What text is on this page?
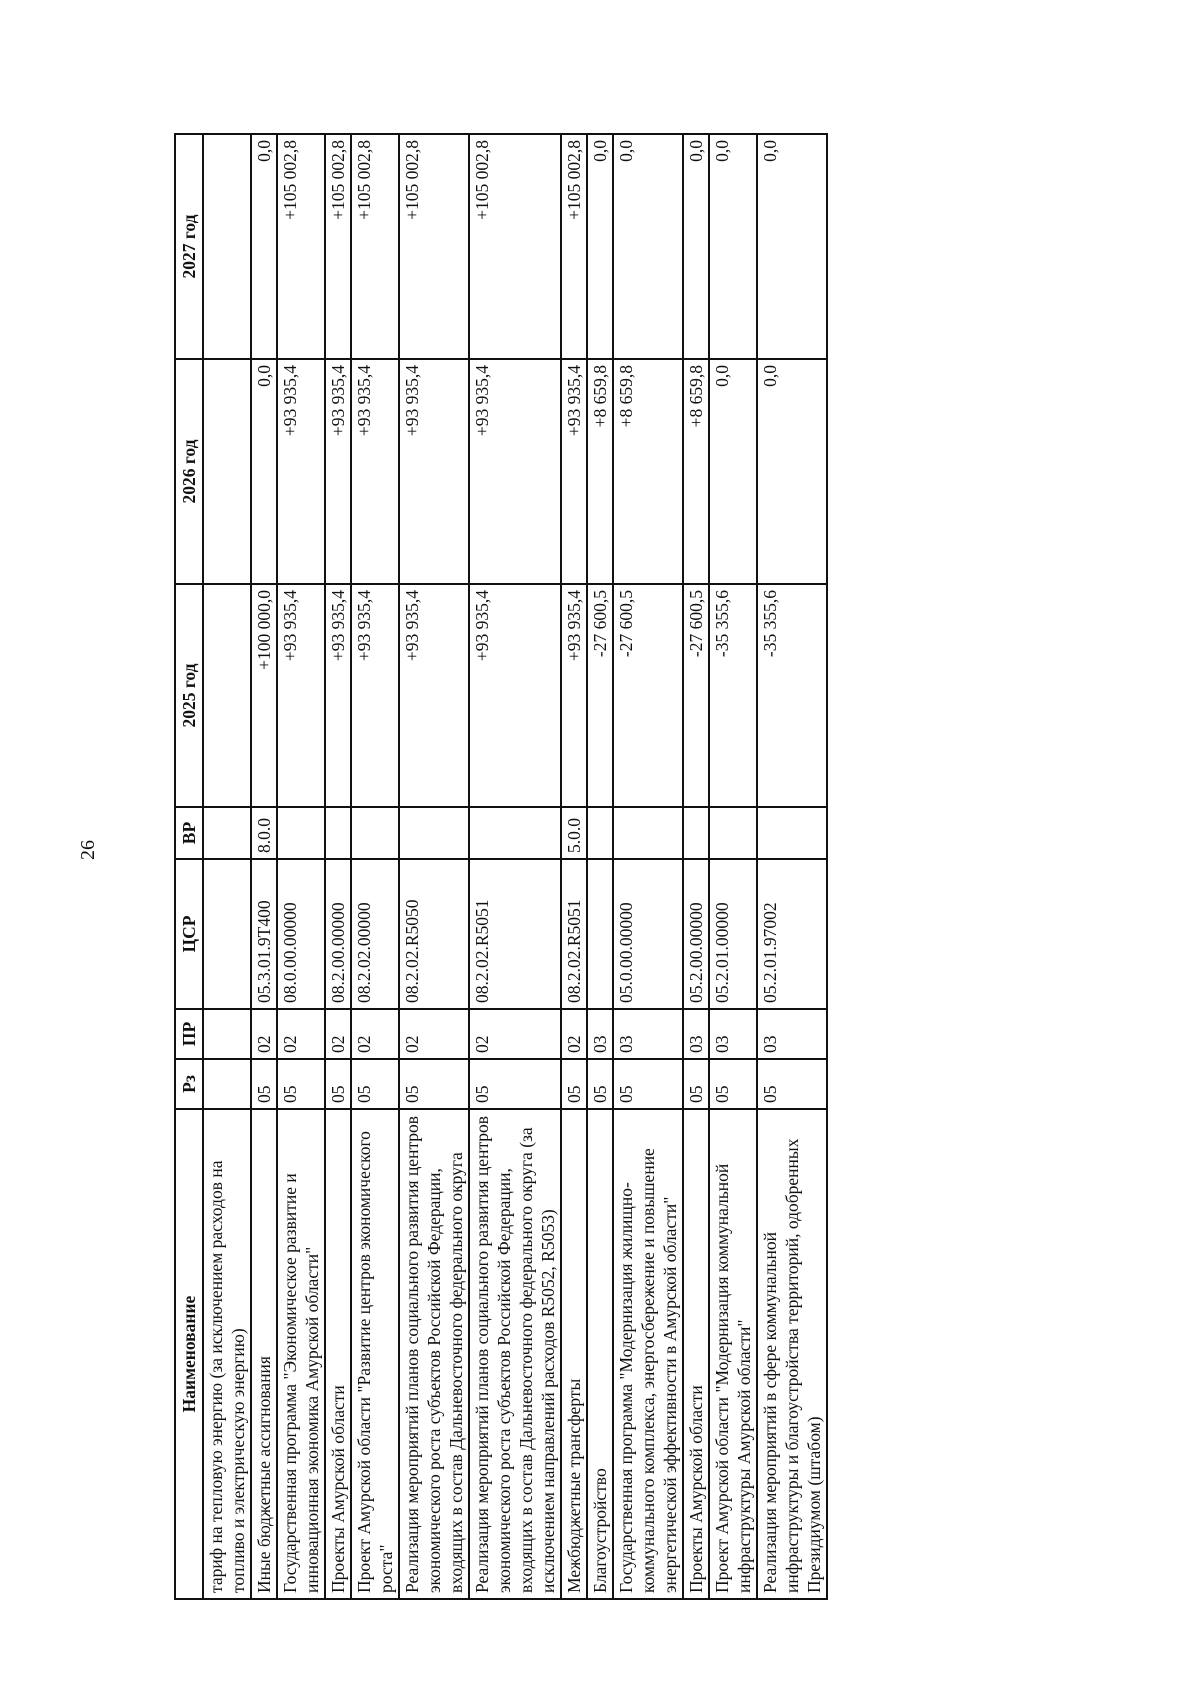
26
Наименование	Рз	ПР	ЦСР	ВР	2025 год	2026 год	2027 год
тариф на тепловую энергию (за исключением расходов на топливо и электрическую энергию)							
Иные бюджетные ассигнования	05	02	05.3.01.9Т400	8.0.0	+100 000,0	0,0	0,0
Государственная программа "Экономическое развитие и инновационная экономика Амурской области"	05	02	08.0.00.00000		+93 935,4	+93 935,4	+105 002,8
Проекты Амурской области	05	02	08.2.00.00000		+93 935,4	+93 935,4	+105 002,8
Проект Амурской области "Развитие центров экономического роста"	05	02	08.2.02.00000		+93 935,4	+93 935,4	+105 002,8
Реализация мероприятий планов социального развития центров экономического роста субъектов Российской Федерации, входящих в состав Дальневосточного федерального округа	05	02	08.2.02.R5050		+93 935,4	+93 935,4	+105 002,8
Реализация мероприятий планов социального развития центров экономического роста субъектов Российской Федерации, входящих в состав Дальневосточного федерального округа (за исключением направлений расходов R5052, R5053)	05	02	08.2.02.R5051		+93 935,4	+93 935,4	+105 002,8
Межбюджетные трансферты	05	02	08.2.02.R5051	5.0.0	+93 935,4	+93 935,4	+105 002,8
Благоустройство	05	03			-27 600,5	+8 659,8	0,0
Государственная программа "Модернизация жилищно-коммунального комплекса, энергосбережение и повышение энергетической эффективности в Амурской области"	05	03	05.0.00.00000		-27 600,5	+8 659,8	0,0
Проекты Амурской области	05	03	05.2.00.00000		-27 600,5	+8 659,8	0,0
Проект Амурской области "Модернизация коммунальной инфраструктуры Амурской области"	05	03	05.2.01.00000		-35 355,6	0,0	0,0
Реализация мероприятий в сфере коммунальной инфраструктуры и благоустройства территорий, одобренных Президиумом (штабом)	05	03	05.2.01.97002		-35 355,6	0,0	0,0
